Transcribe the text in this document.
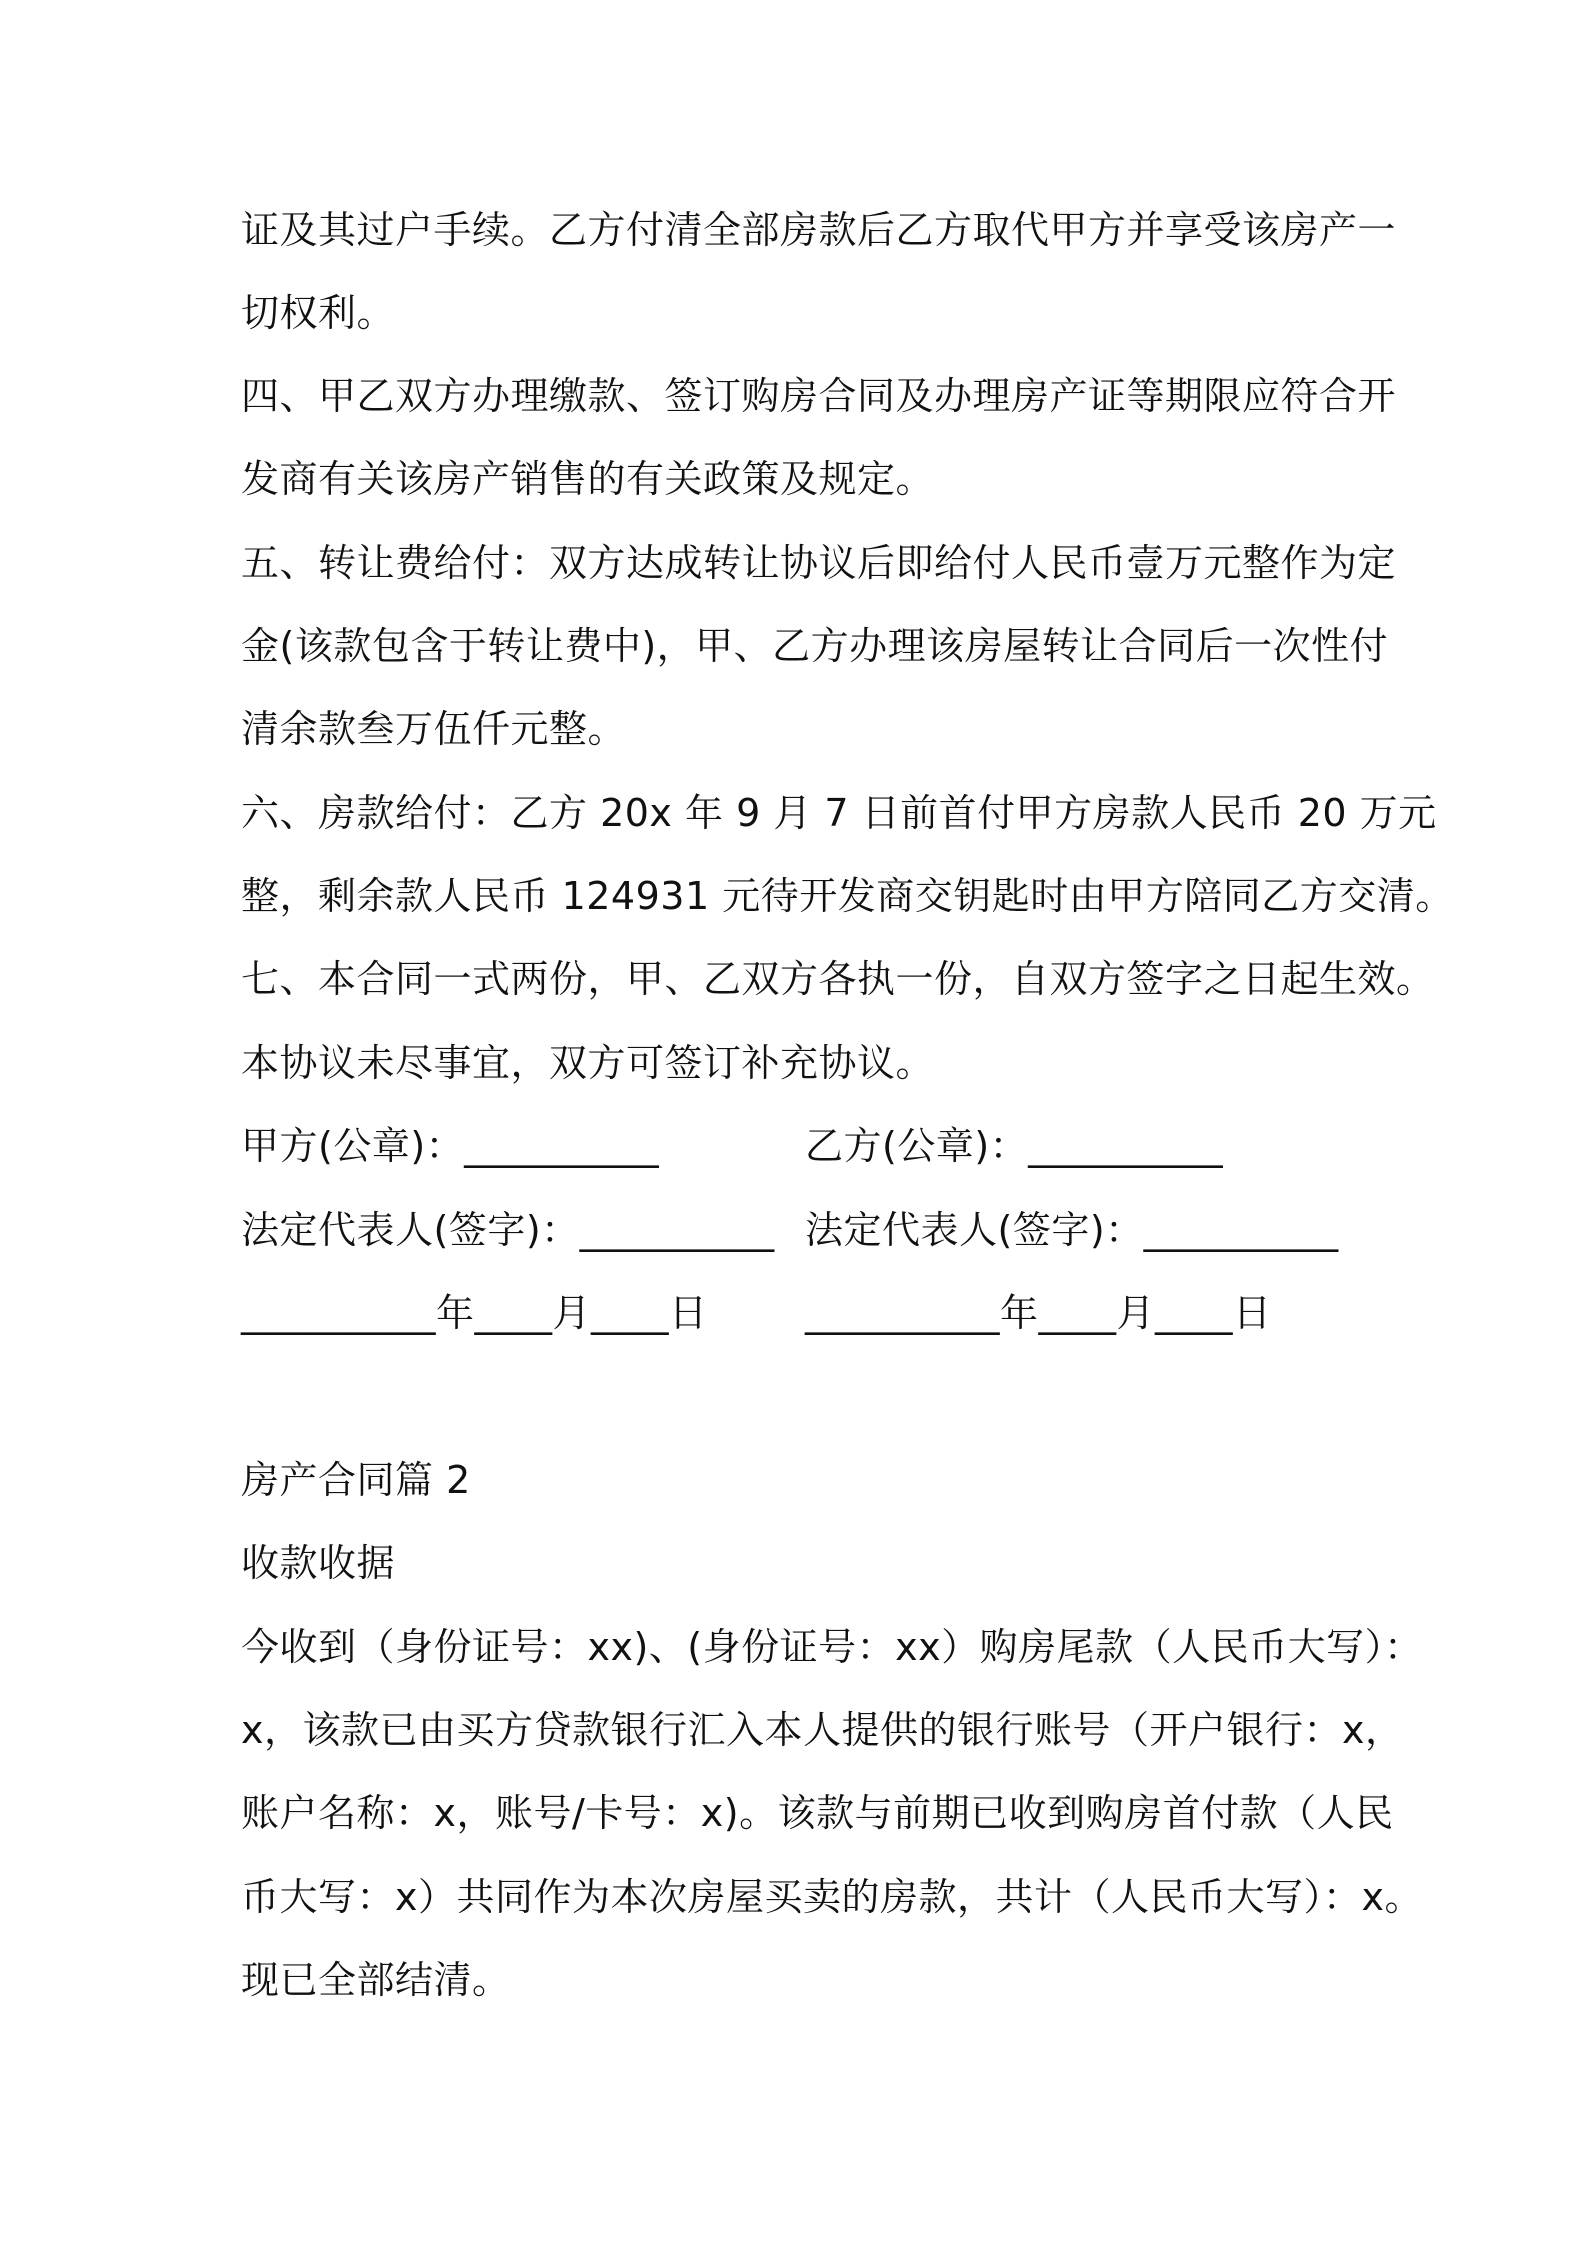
证及其过户手续。乙方付清全部房款后乙方取代甲方并享受该房产一
切权利。
四、甲乙双方办理缴款、签订购房合同及办理房产证等期限应符合开
发商有关该房产销售的有关政策及规定。
五、转让费给付：双方达成转让协议后即给付人民币壹万元整作为定
金(该款包含于转让费中)，甲、乙方办理该房屋转让合同后一次性付
清余款叁万伍仟元整。
六、房款给付：乙方 20x 年 9 月 7 日前首付甲方房款人民币 20 万元
整，剩余款人民币 124931 元待开发商交钥匙时由甲方陪同乙方交清。
七、本合同一式两份，甲、乙双方各执一份，自双方签字之日起生效。
本协议未尽事宜，双方可签订补充协议。
甲方(公章)：__________	乙方(公章)：__________
法定代表人(签字)：__________ 法定代表人(签字)：__________
__________年____月____日	__________年____月____日
房产合同篇 2
收款收据
今收到（身份证号：xx)、(身份证号：xx）购房尾款（人民币大写）：
x，该款已由买方贷款银行汇入本人提供的银行账号（开户银行：x，
账户名称：x，账号/卡号：x)。该款与前期已收到购房首付款（人民
币大写：x）共同作为本次房屋买卖的房款，共计（人民币大写）：x。
现已全部结清。
